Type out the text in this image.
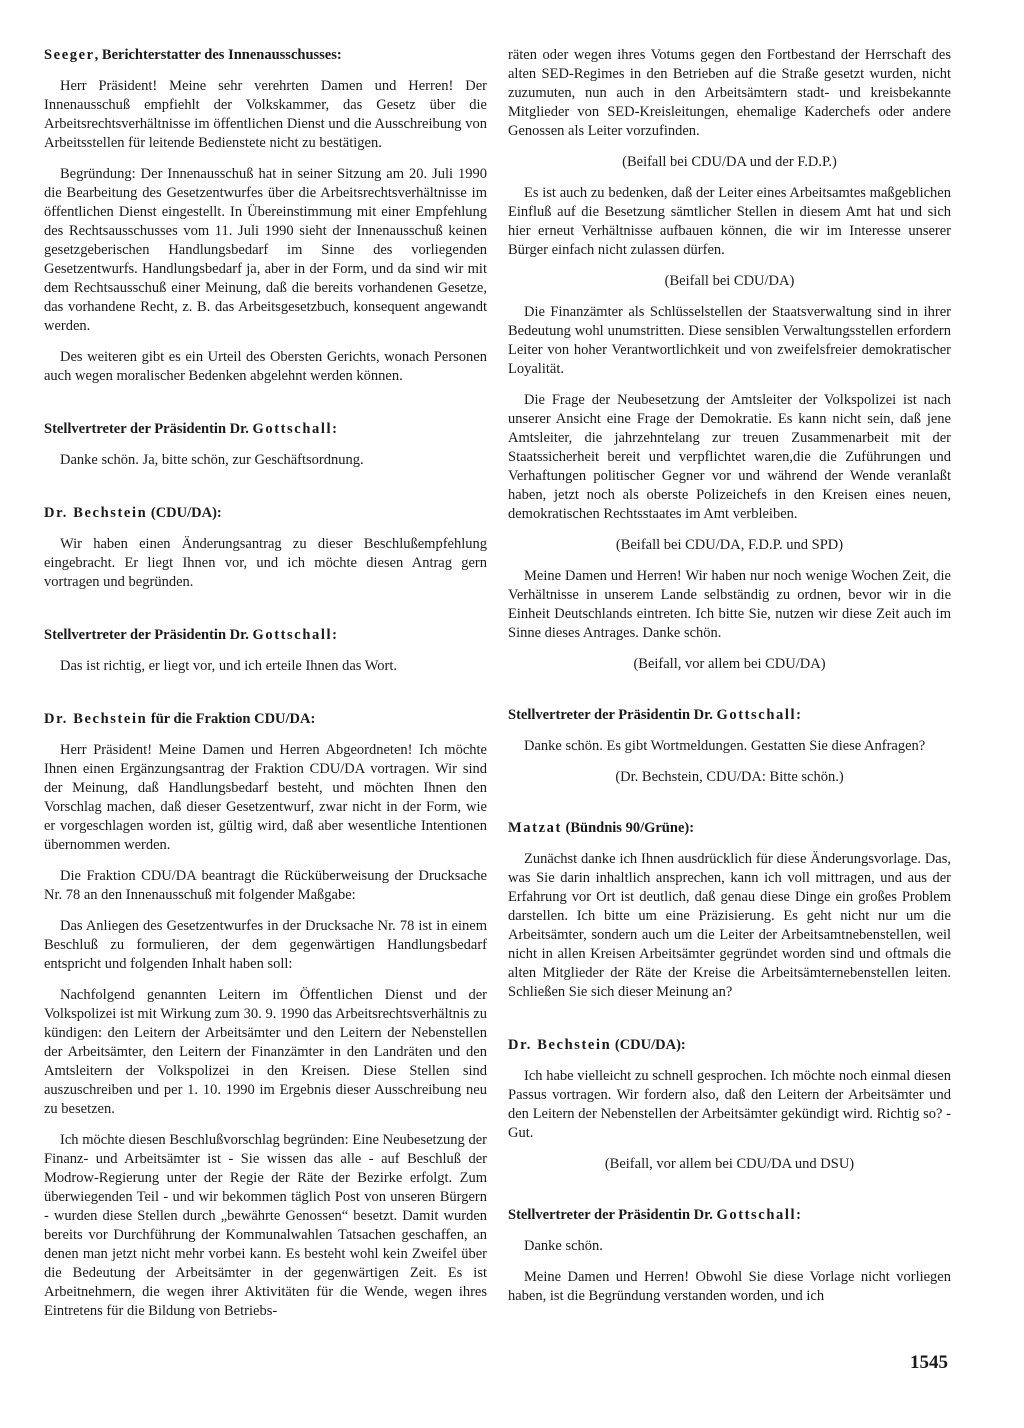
Seeger, Berichterstatter des Innenausschusses:

Herr Präsident! Meine sehr verehrten Damen und Herren! Der Innenausschuß empfiehlt der Volkskammer, das Gesetz über die Arbeitsrechtsverhältnisse im öffentlichen Dienst und die Ausschreibung von Arbeitsstellen für leitende Bedienstete nicht zu bestätigen.

Begründung: Der Innenausschuß hat in seiner Sitzung am 20. Juli 1990 die Bearbeitung des Gesetzentwurfes über die Arbeitsrechtsverhältnisse im öffentlichen Dienst eingestellt. In Übereinstimmung mit einer Empfehlung des Rechtsausschusses vom 11. Juli 1990 sieht der Innenausschuß keinen gesetzgeberischen Handlungsbedarf im Sinne des vorliegenden Gesetzentwurfs. Handlungsbedarf ja, aber in der Form, und da sind wir mit dem Rechtsausschuß einer Meinung, daß die bereits vorhandenen Gesetze, das vorhandene Recht, z. B. das Arbeitsgesetzbuch, konsequent angewandt werden.

Des weiteren gibt es ein Urteil des Obersten Gerichts, wonach Personen auch wegen moralischer Bedenken abgelehnt werden können.

Stellvertreter der Präsidentin Dr. Gottschall:

Danke schön. Ja, bitte schön, zur Geschäftsordnung.

Dr. Bechstein (CDU/DA):

Wir haben einen Änderungsantrag zu dieser Beschlußempfehlung eingebracht. Er liegt Ihnen vor, und ich möchte diesen Antrag gern vortragen und begründen.

Stellvertreter der Präsidentin Dr. Gottschall:

Das ist richtig, er liegt vor, und ich erteile Ihnen das Wort.

Dr. Bechstein für die Fraktion CDU/DA:

Herr Präsident! Meine Damen und Herren Abgeordneten! Ich möchte Ihnen einen Ergänzungsantrag der Fraktion CDU/DA vortragen. Wir sind der Meinung, daß Handlungsbedarf besteht, und möchten Ihnen den Vorschlag machen, daß dieser Gesetzentwurf, zwar nicht in der Form, wie er vorgeschlagen worden ist, gültig wird, daß aber wesentliche Intentionen übernommen werden.

Die Fraktion CDU/DA beantragt die Rücküberweisung der Drucksache Nr. 78 an den Innenausschuß mit folgender Maßgabe:

Das Anliegen des Gesetzentwurfes in der Drucksache Nr. 78 ist in einem Beschluß zu formulieren, der dem gegenwärtigen Handlungsbedarf entspricht und folgenden Inhalt haben soll:

Nachfolgend genannten Leitern im Öffentlichen Dienst und der Volkspolizei ist mit Wirkung zum 30. 9. 1990 das Arbeitsrechtsverhältnis zu kündigen: den Leitern der Arbeitsämter und den Leitern der Nebenstellen der Arbeitsämter, den Leitern der Finanzämter in den Landräten und den Amtsleitern der Volkspolizei in den Kreisen. Diese Stellen sind auszuschreiben und per 1. 10. 1990 im Ergebnis dieser Ausschreibung neu zu besetzen.

Ich möchte diesen Beschlußvorschlag begründen: Eine Neubesetzung der Finanz- und Arbeitsämter ist - Sie wissen das alle - auf Beschluß der Modrow-Regierung unter der Regie der Räte der Bezirke erfolgt. Zum überwiegenden Teil - und wir bekommen täglich Post von unseren Bürgern - wurden diese Stellen durch „bewährte Genossen“ besetzt. Damit wurden bereits vor Durchführung der Kommunalwahlen Tatsachen geschaffen, an denen man jetzt nicht mehr vorbei kann. Es besteht wohl kein Zweifel über die Bedeutung der Arbeitsämter in der gegenwärtigen Zeit. Es ist Arbeitnehmern, die wegen ihrer Aktivitäten für die Wende, wegen ihres Eintretens für die Bildung von Betriebs-

räten oder wegen ihres Votums gegen den Fortbestand der Herrschaft des alten SED-Regimes in den Betrieben auf die Straße gesetzt wurden, nicht zuzumuten, nun auch in den Arbeitsämtern stadt- und kreisbekannte Mitglieder von SED-Kreisleitungen, ehemalige Kaderchefs oder andere Genossen als Leiter vorzufinden.

(Beifall bei CDU/DA und der F.D.P.)

Es ist auch zu bedenken, daß der Leiter eines Arbeitsamtes maßgeblichen Einfluß auf die Besetzung sämtlicher Stellen in diesem Amt hat und sich hier erneut Verhältnisse aufbauen können, die wir im Interesse unserer Bürger einfach nicht zulassen dürfen.

(Beifall bei CDU/DA)

Die Finanzämter als Schlüsselstellen der Staatsverwaltung sind in ihrer Bedeutung wohl unumstritten. Diese sensiblen Verwaltungsstellen erfordern Leiter von hoher Verantwortlichkeit und von zweifelsfreier demokratischer Loyalität.

Die Frage der Neubesetzung der Amtsleiter der Volkspolizei ist nach unserer Ansicht eine Frage der Demokratie. Es kann nicht sein, daß jene Amtsleiter, die jahrzehntelang zur treuen Zusammenarbeit mit der Staatssicherheit bereit und verpflichtet waren,die die Zuführungen und Verhaftungen politischer Gegner vor und während der Wende veranlaßt haben, jetzt noch als oberste Polizeichefs in den Kreisen eines neuen, demokratischen Rechtsstaates im Amt verbleiben.

(Beifall bei CDU/DA, F.D.P. und SPD)

Meine Damen und Herren! Wir haben nur noch wenige Wochen Zeit, die Verhältnisse in unserem Lande selbständig zu ordnen, bevor wir in die Einheit Deutschlands eintreten. Ich bitte Sie, nutzen wir diese Zeit auch im Sinne dieses Antrages. Danke schön.

(Beifall, vor allem bei CDU/DA)

Stellvertreter der Präsidentin Dr. Gottschall:

Danke schön. Es gibt Wortmeldungen. Gestatten Sie diese Anfragen?

(Dr. Bechstein, CDU/DA: Bitte schön.)

Matzat (Bündnis 90/Grüne):

Zunächst danke ich Ihnen ausdrücklich für diese Änderungsvorlage. Das, was Sie darin inhaltlich ansprechen, kann ich voll mittragen, und aus der Erfahrung vor Ort ist deutlich, daß genau diese Dinge ein großes Problem darstellen. Ich bitte um eine Präzisierung. Es geht nicht nur um die Arbeitsämter, sondern auch um die Leiter der Arbeitsamtnebenstellen, weil nicht in allen Kreisen Arbeitsämter gegründet worden sind und oftmals die alten Mitglieder der Räte der Kreise die Arbeitsämternebenstellen leiten. Schließen Sie sich dieser Meinung an?

Dr. Bechstein (CDU/DA):

Ich habe vielleicht zu schnell gesprochen. Ich möchte noch einmal diesen Passus vortragen. Wir fordern also, daß den Leitern der Arbeitsämter und den Leitern der Nebenstellen der Arbeitsämter gekündigt wird. Richtig so? - Gut.

(Beifall, vor allem bei CDU/DA und DSU)

Stellvertreter der Präsidentin Dr. Gottschall:

Danke schön.

Meine Damen und Herren! Obwohl Sie diese Vorlage nicht vorliegen haben, ist die Begründung verstanden worden, und ich

1545
